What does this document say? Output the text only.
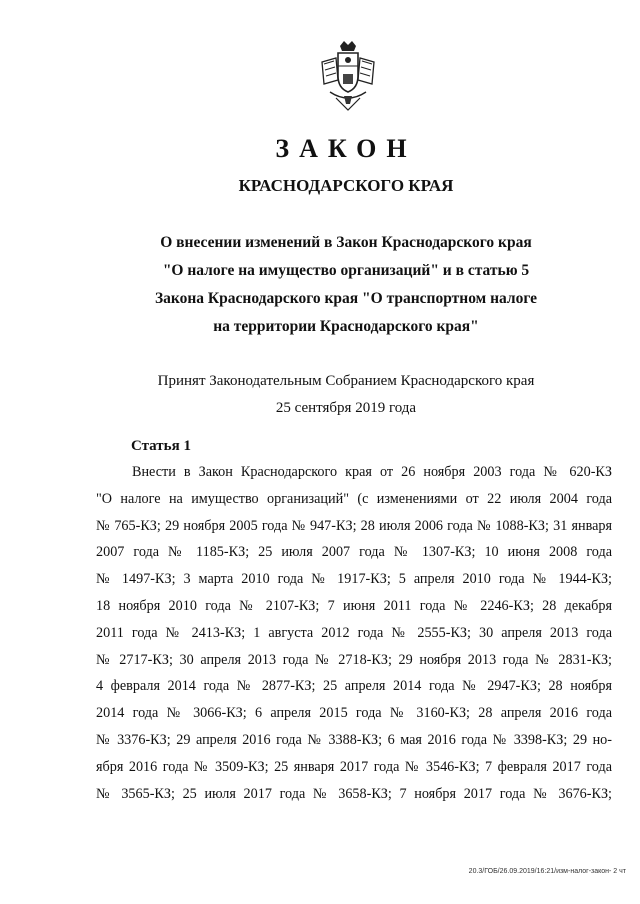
ЗАКОН
КРАСНОДАРСКОГО КРАЯ
О внесении изменений в Закон Краснодарского края
"О налоге на имущество организаций" и в статью 5
Закона Краснодарского края "О транспортном налоге
на территории Краснодарского края"
Принят Законодательным Собранием Краснодарского края
25 сентября 2019 года
Статья 1
Внести в Закон Краснодарского края от 26 ноября 2003 года № 620-КЗ
"О налоге на имущество организаций" (с изменениями от 22 июля 2004 года
№ 765-КЗ; 29 ноября 2005 года № 947-КЗ; 28 июля 2006 года № 1088-КЗ; 31 января
2007 года № 1185-КЗ; 25 июля 2007 года № 1307-КЗ; 10 июня 2008 года
№ 1497-КЗ; 3 марта 2010 года № 1917-КЗ; 5 апреля 2010 года № 1944-КЗ;
18 ноября 2010 года № 2107-КЗ; 7 июня 2011 года № 2246-КЗ; 28 декабря
2011 года № 2413-КЗ; 1 августа 2012 года № 2555-КЗ; 30 апреля 2013 года
№ 2717-КЗ; 30 апреля 2013 года № 2718-КЗ; 29 ноября 2013 года № 2831-КЗ;
4 февраля 2014 года № 2877-КЗ; 25 апреля 2014 года № 2947-КЗ; 28 ноября
2014 года № 3066-КЗ; 6 апреля 2015 года № 3160-КЗ; 28 апреля 2016 года
№ 3376-КЗ; 29 апреля 2016 года № 3388-КЗ; 6 мая 2016 года № 3398-КЗ; 29 но-
ября 2016 года № 3509-КЗ; 25 января 2017 года № 3546-КЗ; 7 февраля 2017 года
№ 3565-КЗ; 25 июля 2017 года № 3658-КЗ; 7 ноября 2017 года № 3676-КЗ;
20.3/ГОБ/26.09.2019/16:21/изм-налог-закон- 2 чт
